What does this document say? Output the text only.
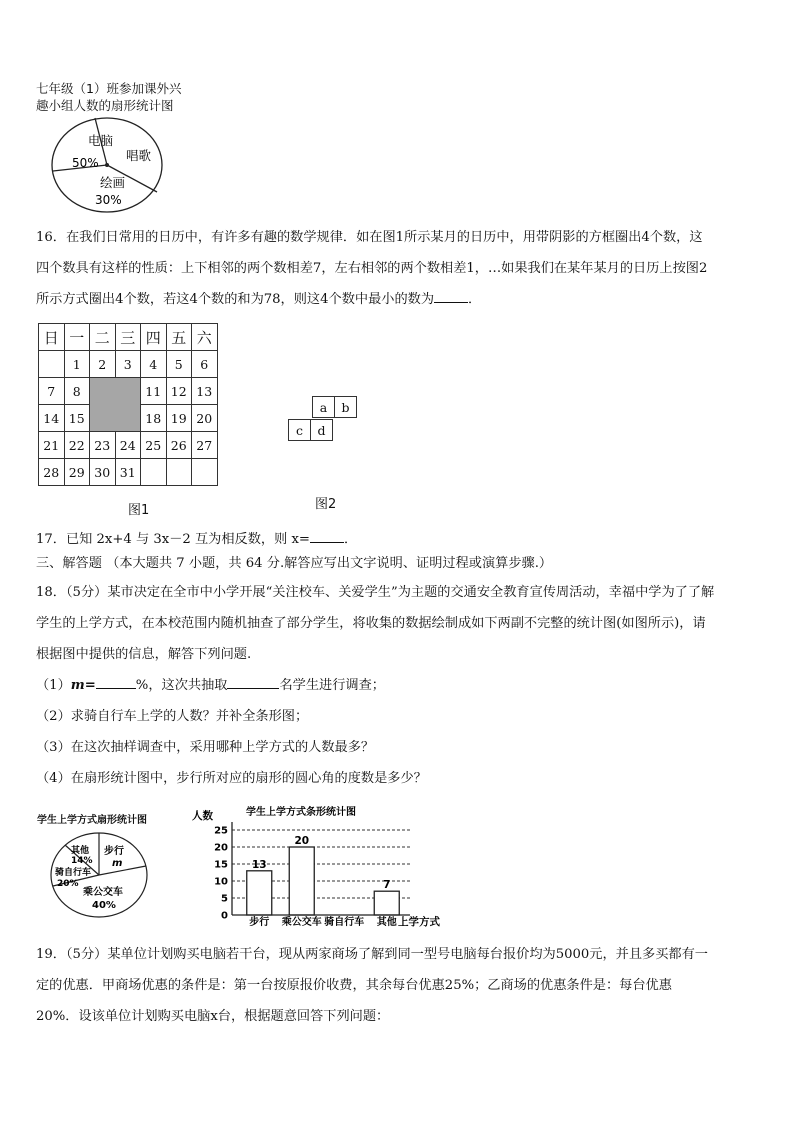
七年级（1）班参加课外兴
趣小组人数的扇形统计图
电脑
50% 唱歌
绘画
30%

16．在我们日常用的日历中，有许多有趣的数学规律．如在图1所示某月的日历中，用带阴影的方框圈出4个数，这

四个数具有这样的性质：上下相邻的两个数相差7，左右相邻的两个数相差1，…如果我们在某年某月的日历上按图2

所示方式圈出4个数，若这4个数的和为78，则这4个数中最小的数为	．

日	一	二	三	四	五	六
	1	2	3	4	5	6
7	8			11	12	13
14	15			18	19	20
21	22	23	24	25	26	27
28	29	30	31			
图1
a	b
c	d
图2

17．已知 2x+4 与 3x－2 互为相反数，则 x=	．

三、解答题 （本大题共 7 小题，共 64 分.解答应写出文字说明、证明过程或演算步骤.）

18．（5分）某市决定在全市中小学开展“关注校车、关爱学生”为主题的交通安全教育宣传周活动，幸福中学为了了解

学生的上学方式，在本校范围内随机抽查了部分学生，将收集的数据绘制成如下两副不完整的统计图(如图所示)，请

根据图中提供的信息，解答下列问题.

（1）m=	%，这次共抽取	名学生进行调查；

（2）求骑自行车上学的人数？并补全条形图；

（3）在这次抽样调查中，采用哪种上学方式的人数最多？

（4）在扇形统计图中，步行所对应的扇形的圆心角的度数是多少？

学生上学方式扇形统计图
步行
m
乘公交车
40%
骑自行车
20%
其他
14%
学生上学方式条形统计图
人数
上学方式
0
5
10
15
20
25
13
20
7
步行 乘公交车 骑自行车 其他

19．（5分）某单位计划购买电脑若干台，现从两家商场了解到同一型号电脑每台报价均为5000元，并且多买都有一

定的优惠．甲商场优惠的条件是：第一台按原报价收费，其余每台优惠25%；乙商场的优惠条件是：每台优惠

20%．设该单位计划购买电脑x台，根据题意回答下列问题：
